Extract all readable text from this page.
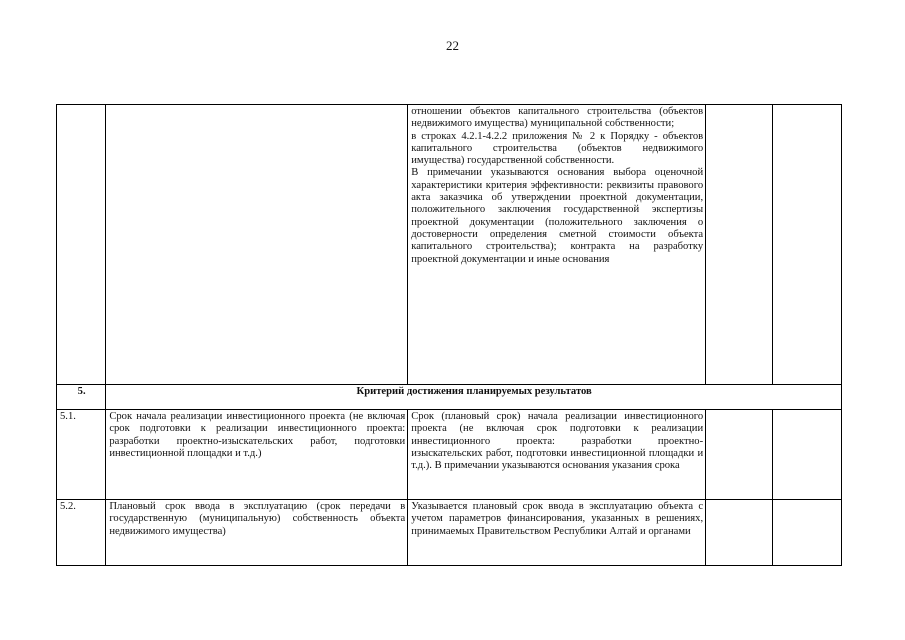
22

		отношении объектов капитального строительства (объектов недвижимого имущества) муниципальной собственности;
в строках 4.2.1-4.2.2 приложения № 2 к Порядку - объектов капитального строительства (объектов недвижимого имущества) государственной собственности.
В примечании указываются основания выбора оценочной характеристики критерия эффективности: реквизиты правового акта заказчика об утверждении проектной документации, положительного заключения государственной экспертизы проектной документации (положительного заключения о достоверности определения сметной стоимости объекта капитального строительства); контракта на разработку проектной документации и иные основания		

5.	Критерий достижения планируемых результатов			
5.1.	Срок начала реализации инвестиционного проекта (не включая срок подготовки к реализации инвестиционного проекта: разработки проектно-изыскательских работ, подготовки инвестиционной площадки и т.д.)	Срок (плановый срок) начала реализации инвестиционного проекта (не включая срок подготовки к реализации инвестиционного проекта: разработки проектно-изыскательских работ, подготовки инвестиционной площадки и т.д.). В примечании указываются основания указания срока		
5.2.	Плановый срок ввода в эксплуатацию (срок передачи в государственную (муниципальную) собственность объекта недвижимого имущества)	Указывается плановый срок ввода в эксплуатацию объекта с учетом параметров финансирования, указанных в решениях, принимаемых Правительством Республики Алтай и органами		
